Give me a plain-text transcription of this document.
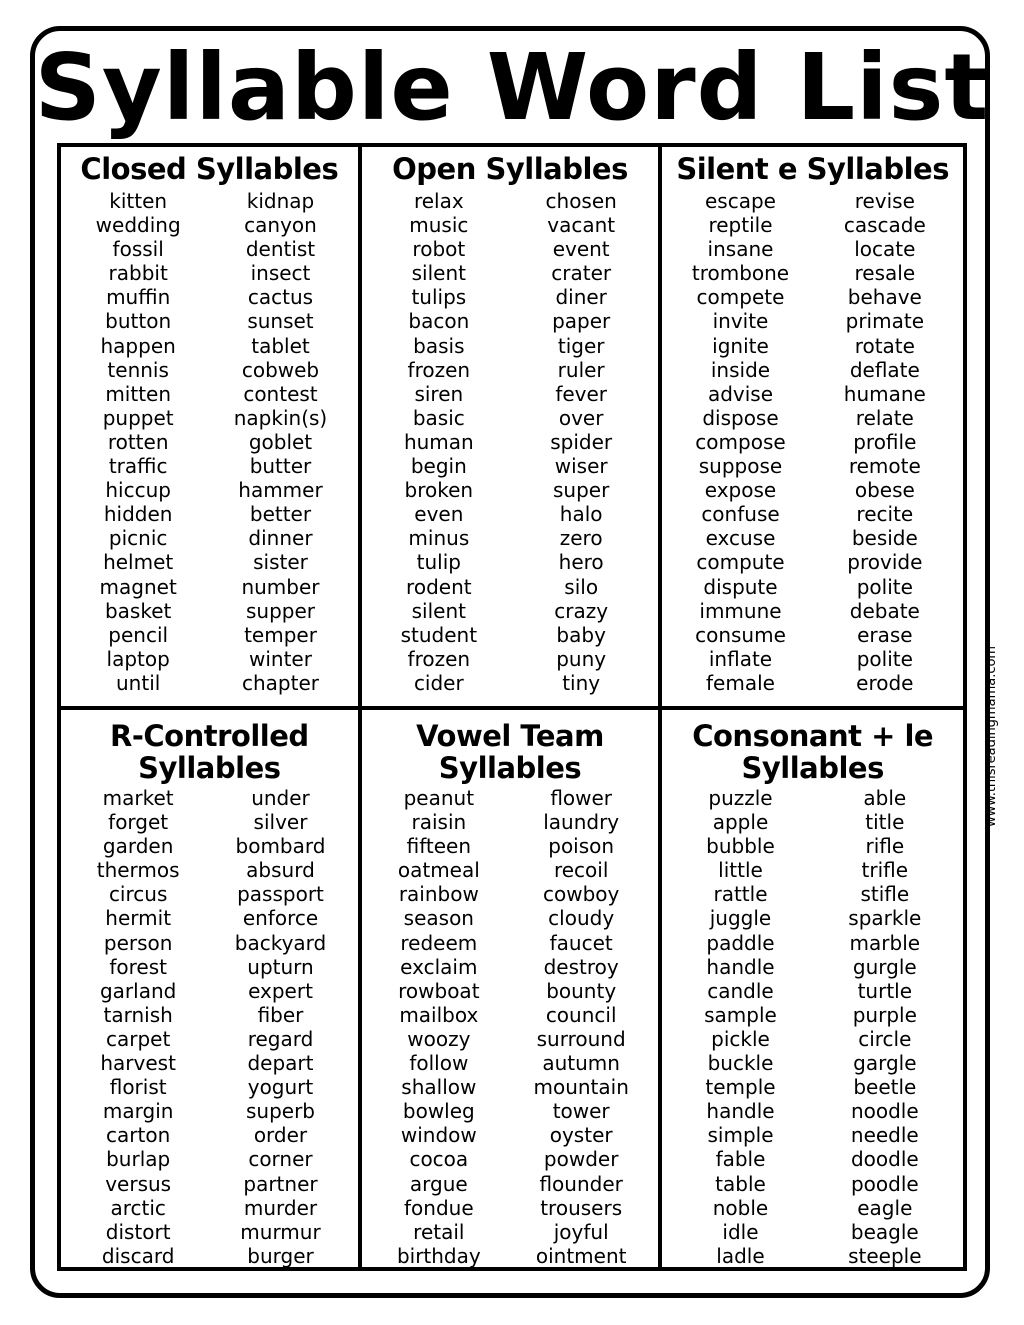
Syllable Word List
Closed Syllables
kitten
wedding
fossil
rabbit
muffin
button
happen
tennis
mitten
puppet
rotten
traffic
hiccup
hidden
picnic
helmet
magnet
basket
pencil
laptop
until
kidnap
canyon
dentist
insect
cactus
sunset
tablet
cobweb
contest
napkin(s)
goblet
butter
hammer
better
dinner
sister
number
supper
temper
winter
chapter
Open Syllables
relax
music
robot
silent
tulips
bacon
basis
frozen
siren
basic
human
begin
broken
even
minus
tulip
rodent
silent
student
frozen
cider
chosen
vacant
event
crater
diner
paper
tiger
ruler
fever
over
spider
wiser
super
halo
zero
hero
silo
crazy
baby
puny
tiny
Silent e Syllables
escape
reptile
insane
trombone
compete
invite
ignite
inside
advise
dispose
compose
suppose
expose
confuse
excuse
compute
dispute
immune
consume
inflate
female
revise
cascade
locate
resale
behave
primate
rotate
deflate
humane
relate
profile
remote
obese
recite
beside
provide
polite
debate
erase
polite
erode
R-Controlled Syllables
market
forget
garden
thermos
circus
hermit
person
forest
garland
tarnish
carpet
harvest
florist
margin
carton
burlap
versus
arctic
distort
discard
under
silver
bombard
absurd
passport
enforce
backyard
upturn
expert
fiber
regard
depart
yogurt
superb
order
corner
partner
murder
murmur
burger
Vowel Team Syllables
peanut
raisin
fifteen
oatmeal
rainbow
season
redeem
exclaim
rowboat
mailbox
woozy
follow
shallow
bowleg
window
cocoa
argue
fondue
retail
birthday
flower
laundry
poison
recoil
cowboy
cloudy
faucet
destroy
bounty
council
surround
autumn
mountain
tower
oyster
powder
flounder
trousers
joyful
ointment
Consonant + le Syllables
puzzle
apple
bubble
little
rattle
juggle
paddle
handle
candle
sample
pickle
buckle
temple
handle
simple
fable
table
noble
idle
ladle
able
title
rifle
trifle
stifle
sparkle
marble
gurgle
turtle
purple
circle
gargle
beetle
noodle
needle
doodle
poodle
eagle
beagle
steeple
www.thisreadingmama.com
